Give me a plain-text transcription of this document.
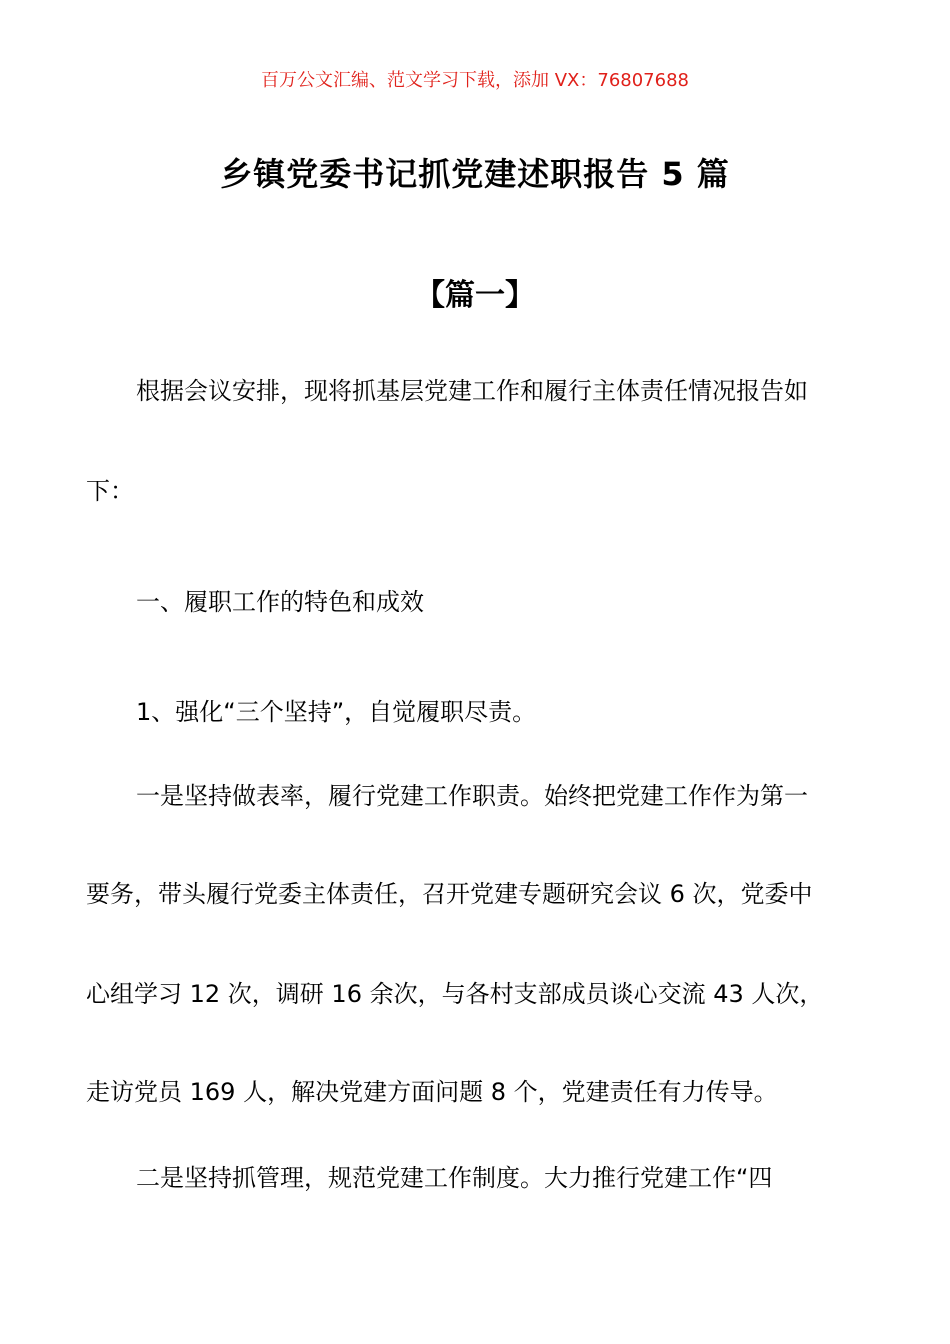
百万公文汇编、范文学习下载，添加 VX：76807688
乡镇党委书记抓党建述职报告 5 篇
【篇一】
根据会议安排，现将抓基层党建工作和履行主体责任情况报告如
下：
一、履职工作的特色和成效
1、强化“三个坚持”，自觉履职尽责。
一是坚持做表率，履行党建工作职责。始终把党建工作作为第一
要务，带头履行党委主体责任，召开党建专题研究会议 6 次，党委中
心组学习 12 次，调研 16 余次，与各村支部成员谈心交流 43 人次，
走访党员 169 人，解决党建方面问题 8 个，党建责任有力传导。
二是坚持抓管理，规范党建工作制度。大力推行党建工作“四
